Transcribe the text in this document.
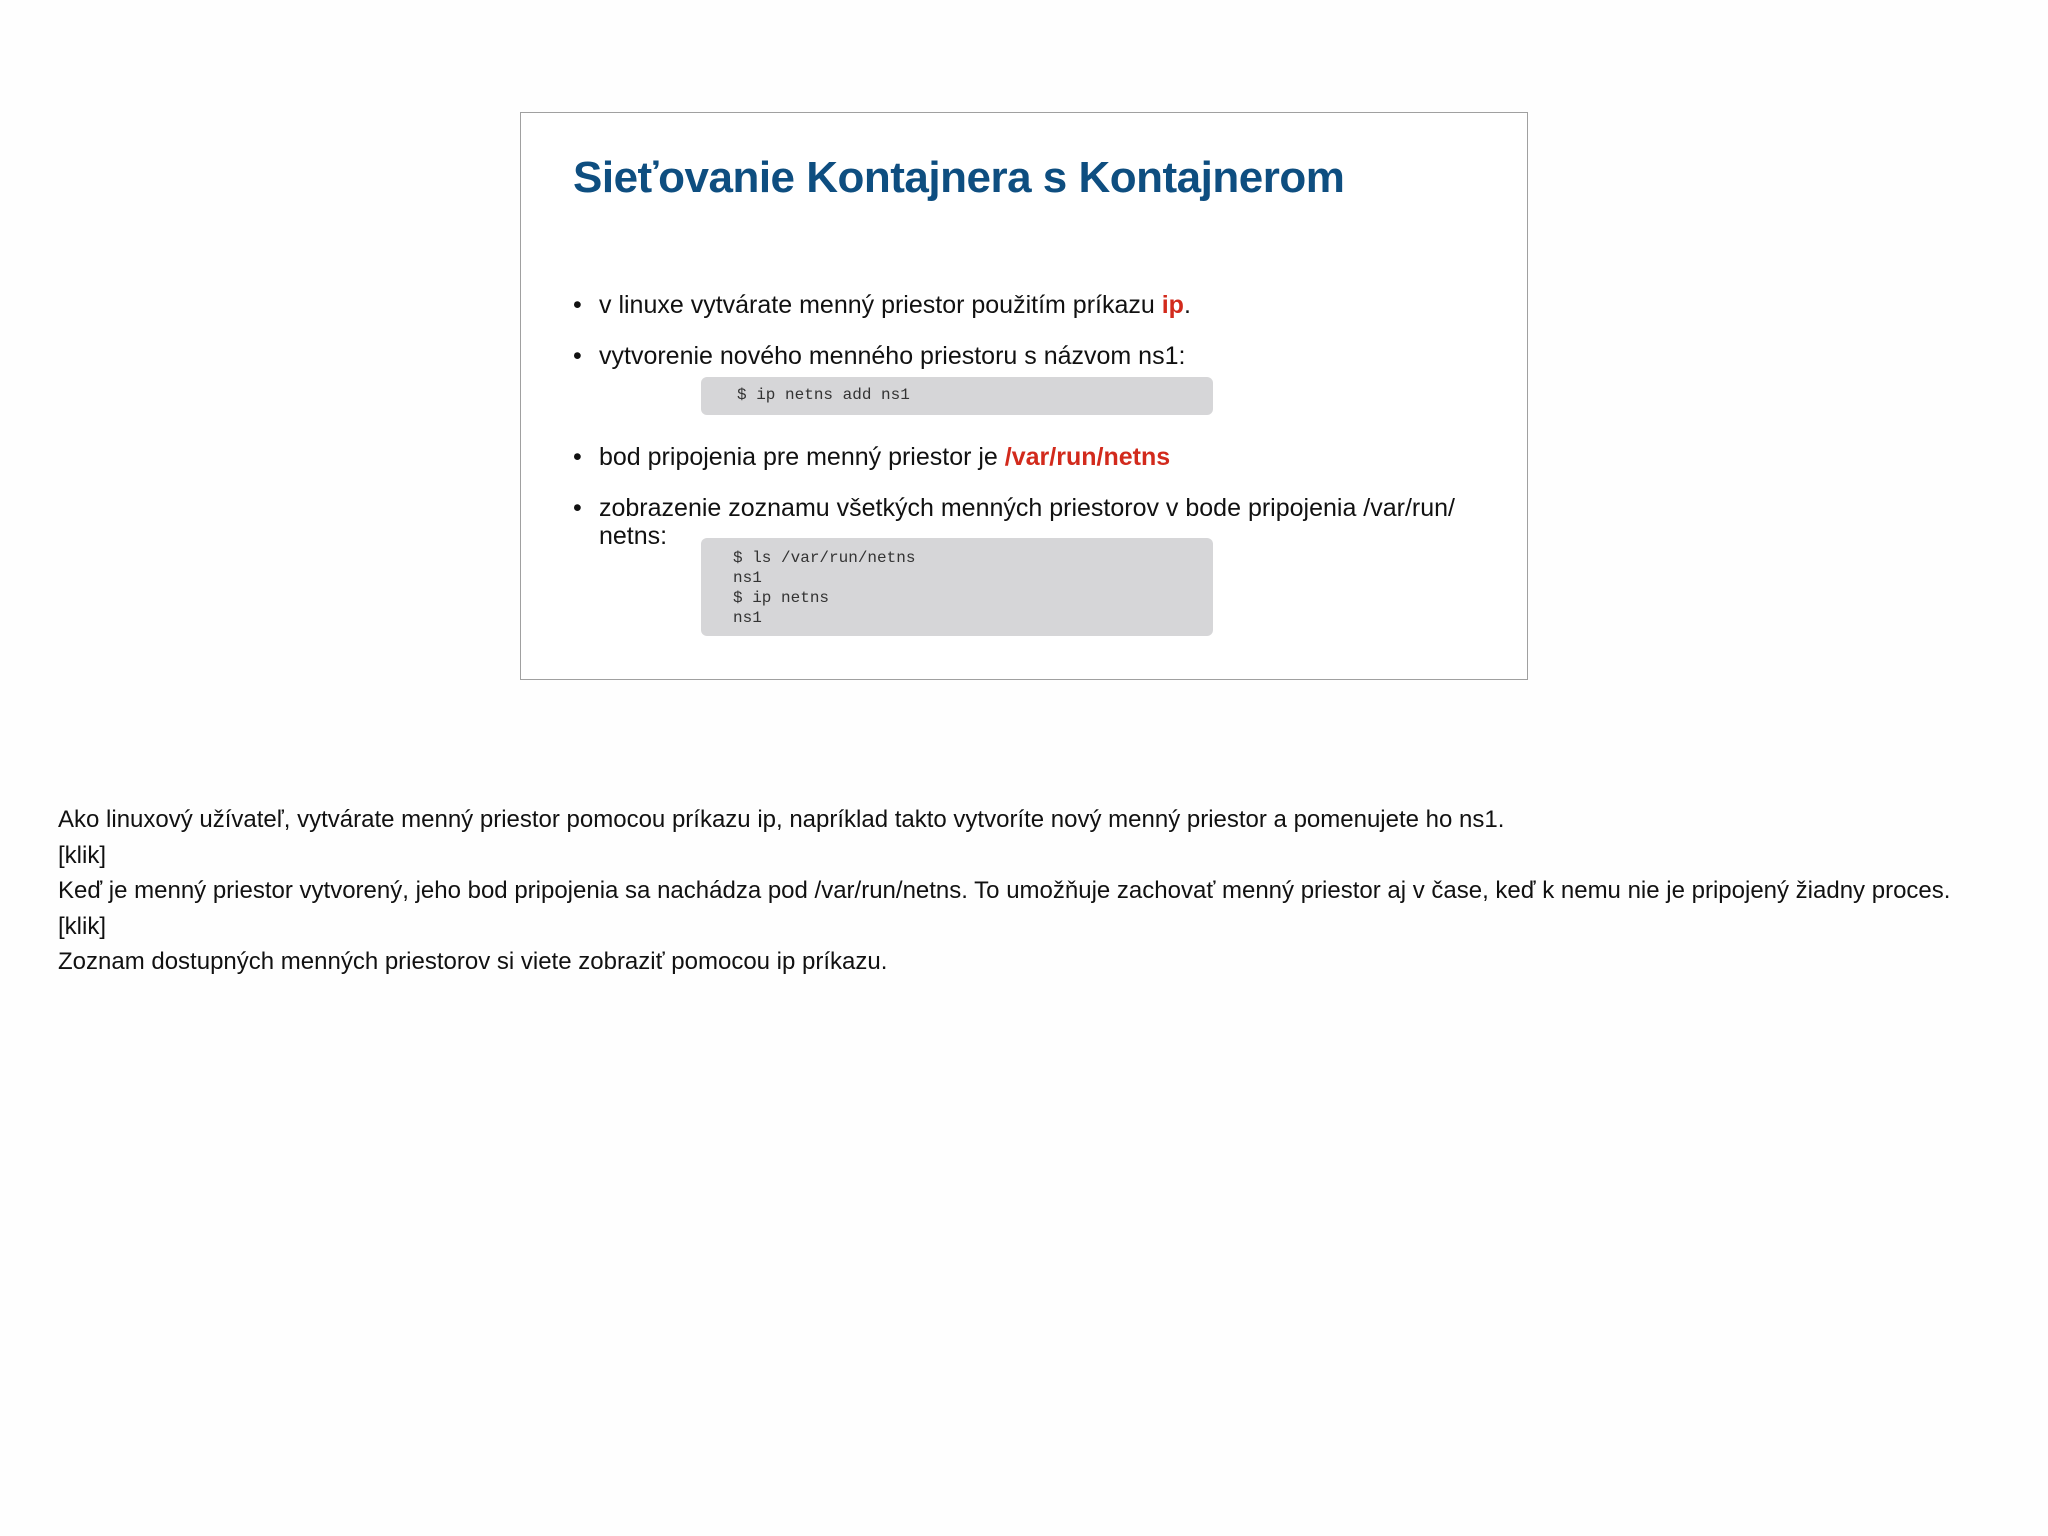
Sieťovanie Kontajnera s Kontajnerom
• v linuxe vytvárate menný priestor použitím príkazu ip.
• vytvorenie nového menného priestoru s názvom ns1:
$ ip netns add ns1
• bod pripojenia pre menný priestor je /var/run/netns
• zobrazenie zoznamu všetkých menných priestorov v bode pripojenia /var/run/ netns:
$ ls /var/run/netns
ns1
$ ip netns
ns1

Ako linuxový užívateľ, vytvárate menný priestor pomocou príkazu ip, napríklad takto vytvoríte nový menný priestor a pomenujete ho ns1.

[klik]

Keď je menný priestor vytvorený, jeho bod pripojenia sa nachádza pod /var/run/netns. To umožňuje zachovať menný priestor aj v čase, keď k nemu nie je pripojený žiadny proces.

[klik]

Zoznam dostupných menných priestorov si viete zobraziť pomocou ip príkazu.
